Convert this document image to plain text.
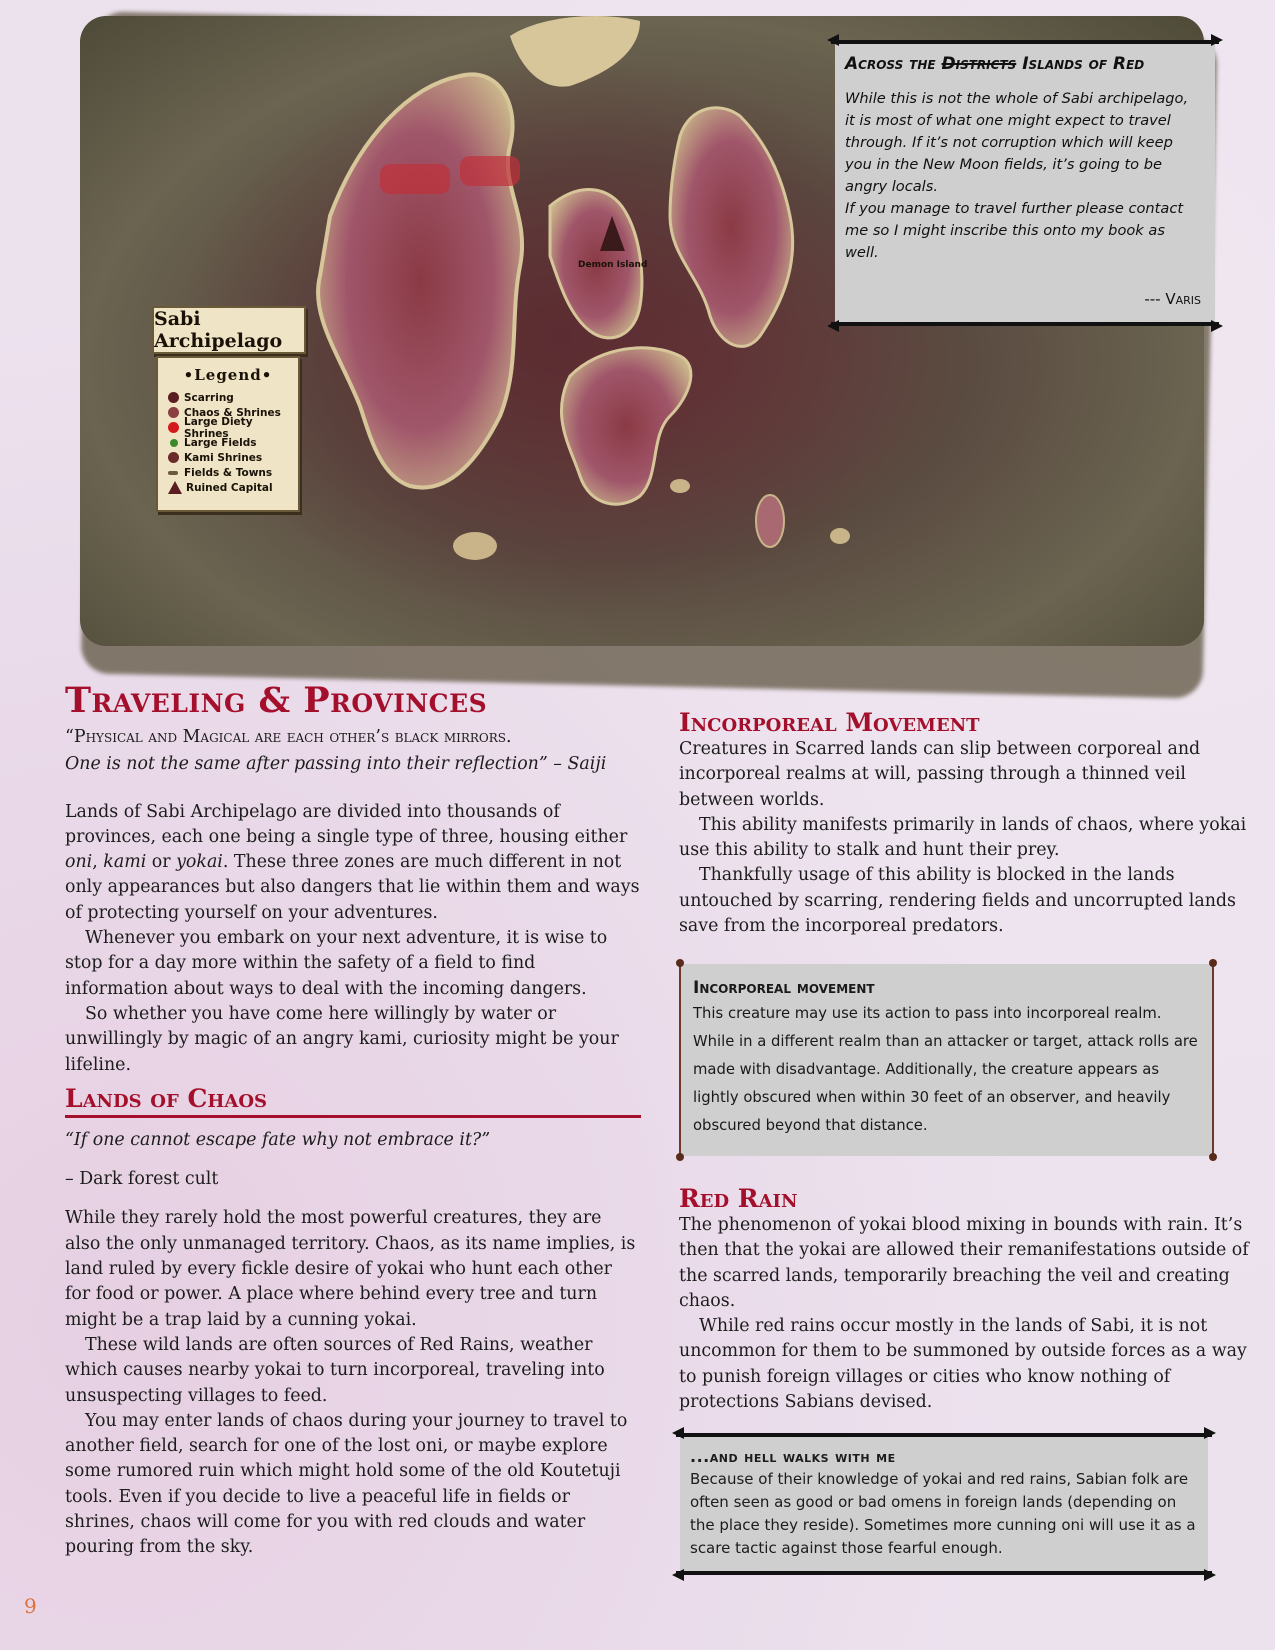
Demon Island
Sabi Archipelago
•Legend•
Scarring
Chaos & Shrines
Large Diety Shrines
Large Fields
Kami Shrines
Fields & Towns
Ruined Capital
Across the Districts Islands of Red
While this is not the whole of Sabi archipelago, it is most of what one might expect to travel through. If it’s not corruption which will keep you in the New Moon fields, it’s going to be angry locals.
If you manage to travel further please contact me so I might inscribe this onto my book as well.
--- Varis
Traveling & Provinces

“Physical and Magical are each other’s black mirrors.

One is not the same after passing into their reflection” – Saiji

Lands of Sabi Archipelago are divided into thousands of provinces, each one being a single type of three, housing either oni, kami or yokai. These three zones are much different in not only appearances but also dangers that lie within them and ways of protecting yourself on your adventures.

Whenever you embark on your next adventure, it is wise to stop for a day more within the safety of a field to find information about ways to deal with the incoming dangers.

So whether you have come here willingly by water or unwillingly by magic of an angry kami, curiosity might be your lifeline.

Lands of Chaos

“If one cannot escape fate why not embrace it?”

– Dark forest cult

While they rarely hold the most powerful creatures, they are also the only unmanaged territory. Chaos, as its name implies, is land ruled by every fickle desire of yokai who hunt each other for food or power. A place where behind every tree and turn might be a trap laid by a cunning yokai.

These wild lands are often sources of Red Rains, weather which causes nearby yokai to turn incorporeal, traveling into unsuspecting villages to feed.

You may enter lands of chaos during your journey to travel to another field, search for one of the lost oni, or maybe explore some rumored ruin which might hold some of the old Koutetuji tools. Even if you decide to live a peaceful life in fields or shrines, chaos will come for you with red clouds and water pouring from the sky.

Incorporeal Movement

Creatures in Scarred lands can slip between corporeal and incorporeal realms at will, passing through a thinned veil between worlds.

This ability manifests primarily in lands of chaos, where yokai use this ability to stalk and hunt their prey.

Thankfully usage of this ability is blocked in the lands untouched by scarring, rendering fields and uncorrupted lands save from the incorporeal predators.

Incorporeal movement
This creature may use its action to pass into incorporeal realm. While in a different realm than an attacker or target, attack rolls are made with disadvantage. Additionally, the creature appears as lightly obscured when within 30 feet of an observer, and heavily obscured beyond that distance.
Red Rain

The phenomenon of yokai blood mixing in bounds with rain. It’s then that the yokai are allowed their remanifestations outside of the scarred lands, temporarily breaching the veil and creating chaos.

While red rains occur mostly in the lands of Sabi, it is not uncommon for them to be summoned by outside forces as a way to punish foreign villages or cities who know nothing of protections Sabians devised.

...and hell walks with me
Because of their knowledge of yokai and red rains, Sabian folk are often seen as good or bad omens in foreign lands (depending on the place they reside). Sometimes more cunning oni will use it as a scare tactic against those fearful enough.
9
